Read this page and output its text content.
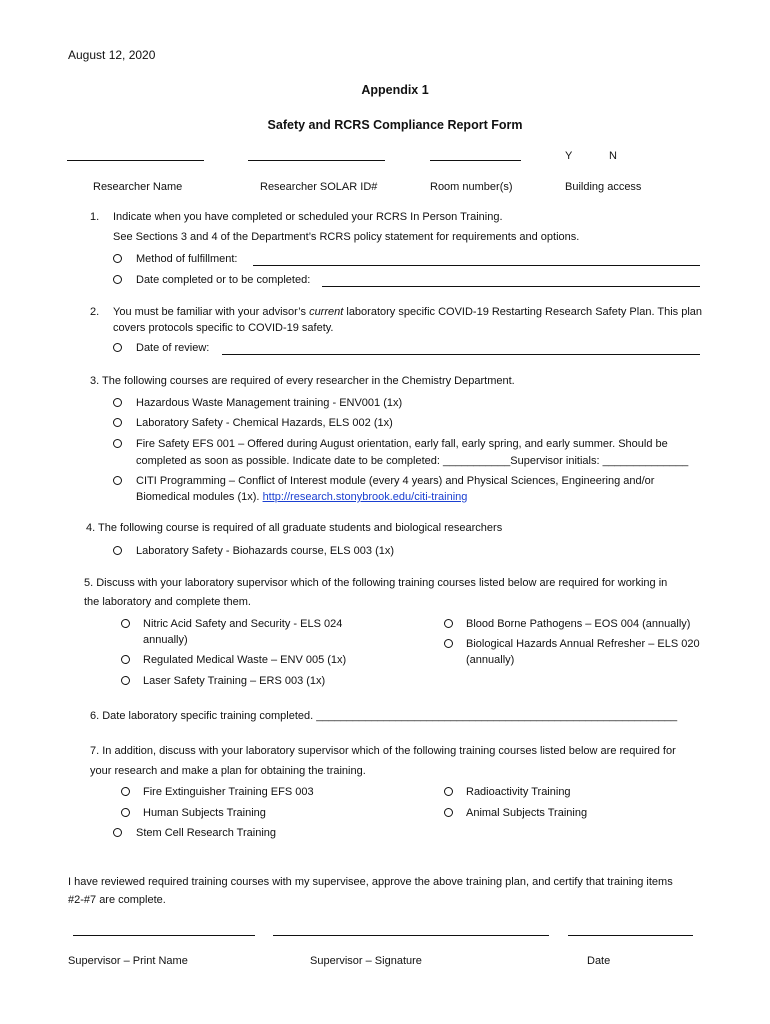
August 12, 2020
Appendix 1
Safety and RCRS Compliance Report Form
Y	N
Researcher Name	Researcher SOLAR ID#	Room number(s)	Building access
1. Indicate when you have completed or scheduled your RCRS In Person Training.
See Sections 3 and 4 of the Department’s RCRS policy statement for requirements and options.
Method of fulfillment:
Date completed or to be completed:
2. You must be familiar with your advisor’s current laboratory specific COVID-19 Restarting Research Safety Plan. This plan
covers protocols specific to COVID-19 safety.
Date of review:
3. The following courses are required of every researcher in the Chemistry Department.
Hazardous Waste Management training - ENV001 (1x)
Laboratory Safety - Chemical Hazards, ELS 002 (1x)
Fire Safety EFS 001 – Offered during August orientation, early fall, early spring, and early summer. Should be
completed as soon as possible. Indicate date to be completed: ___________Supervisor initials: ______________
CITI Programming – Conflict of Interest module (every 4 years) and Physical Sciences, Engineering and/or
Biomedical modules (1x). http://research.stonybrook.edu/citi-training
4. The following course is required of all graduate students and biological researchers
Laboratory Safety - Biohazards course, ELS 003 (1x)
5. Discuss with your laboratory supervisor which of the following training courses listed below are required for working in
the laboratory and complete them.
Nitric Acid Safety and Security - ELS 024
annually)
Regulated Medical Waste – ENV 005 (1x)
Laser Safety Training – ERS 003 (1x)
Blood Borne Pathogens – EOS 004 (annually)
Biological Hazards Annual Refresher – ELS 020
(annually)
6. Date laboratory specific training completed. ___________________________________________________________
7. In addition, discuss with your laboratory supervisor which of the following training courses listed below are required for
your research and make a plan for obtaining the training.
Fire Extinguisher Training EFS 003
Human Subjects Training
Stem Cell Research Training
Radioactivity Training
Animal Subjects Training
I have reviewed required training courses with my supervisee, approve the above training plan, and certify that training items
#2-#7 are complete.
Supervisor – Print Name	Supervisor – Signature	Date
